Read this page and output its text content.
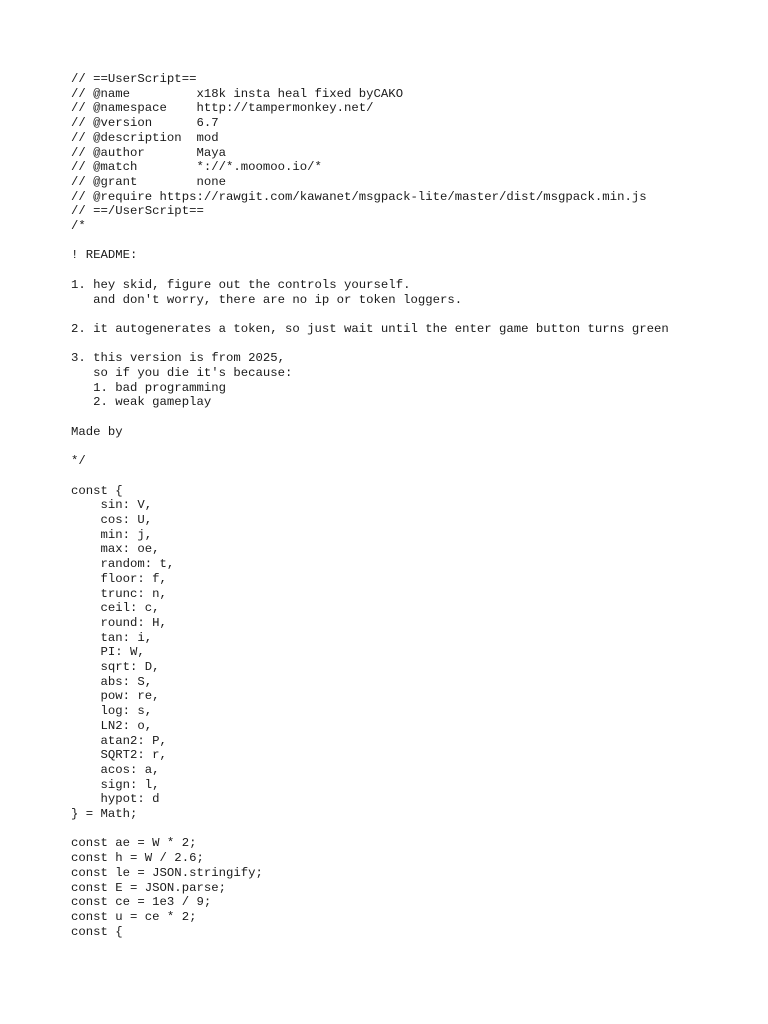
// ==UserScript==
// @name         x18k insta heal fixed byCAKO
// @namespace    http://tampermonkey.net/
// @version      6.7
// @description  mod
// @author       Maya
// @match        *://*.moomoo.io/*
// @grant        none
// @require https://rawgit.com/kawanet/msgpack-lite/master/dist/msgpack.min.js
// ==/UserScript==
/*
! README:
1. hey skid, figure out the controls yourself.
and don't worry, there are no ip or token loggers.
2. it autogenerates a token, so just wait until the enter game button turns green
3. this version is from 2025,
so if you die it's because:
1. bad programming
2. weak gameplay
Made by
*/
const {
sin: V,
cos: U,
min: j,
max: oe,
random: t,
floor: f,
trunc: n,
ceil: c,
round: H,
tan: i,
PI: W,
sqrt: D,
abs: S,
pow: re,
log: s,
LN2: o,
atan2: P,
SQRT2: r,
acos: a,
sign: l,
hypot: d
} = Math;
const ae = W * 2;
const h = W / 2.6;
const le = JSON.stringify;
const E = JSON.parse;
const ce = 1e3 / 9;
const u = ce * 2;
const {
